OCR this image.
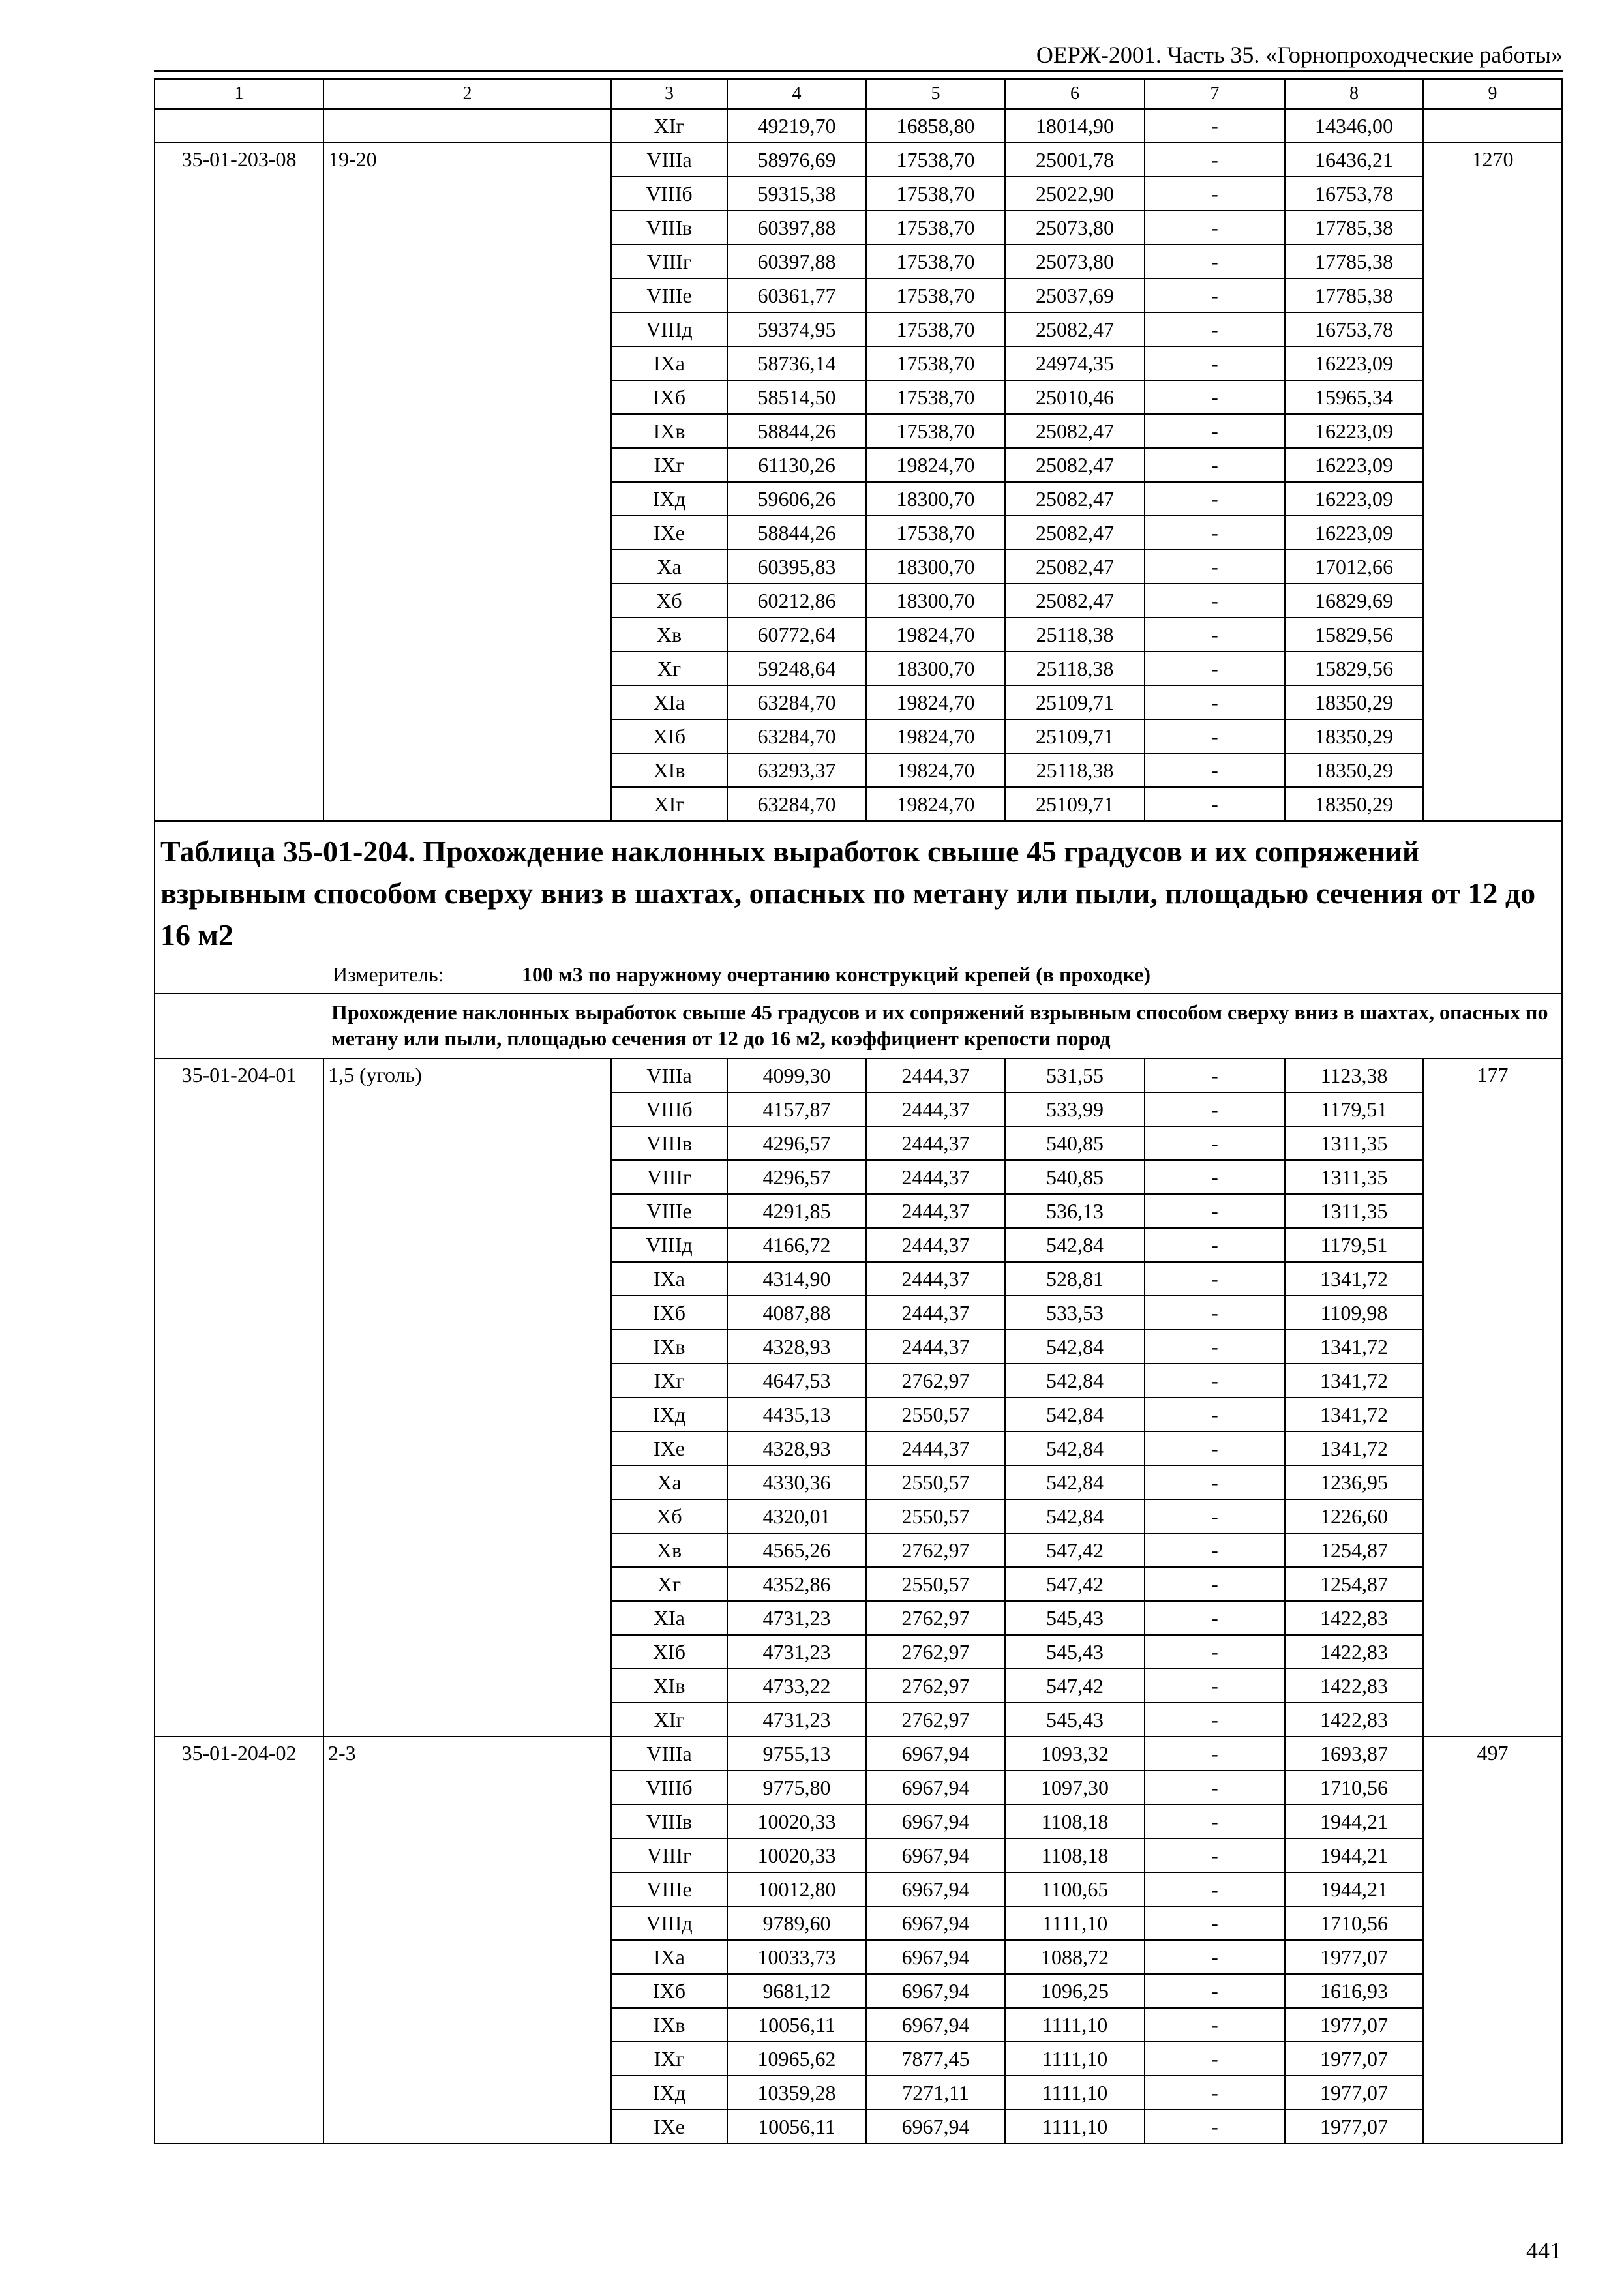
ОЕРЖ-2001. Часть 35. «Горнопроходческие работы»
1	2	3	4	5	6	7	8	9
		XIг	49219,70	16858,80	18014,90	-	14346,00	
35-01-203-08	19-20	VIIIа	58976,69	17538,70	25001,78	-	16436,21	1270
		VIIIб	59315,38	17538,70	25022,90	-	16753,78	
		VIIIв	60397,88	17538,70	25073,80	-	17785,38	
		VIIIг	60397,88	17538,70	25073,80	-	17785,38	
		VIIIе	60361,77	17538,70	25037,69	-	17785,38	
		VIIIд	59374,95	17538,70	25082,47	-	16753,78	
		IXа	58736,14	17538,70	24974,35	-	16223,09	
		IXб	58514,50	17538,70	25010,46	-	15965,34	
		IXв	58844,26	17538,70	25082,47	-	16223,09	
		IXг	61130,26	19824,70	25082,47	-	16223,09	
		IXд	59606,26	18300,70	25082,47	-	16223,09	
		IXе	58844,26	17538,70	25082,47	-	16223,09	
		Xа	60395,83	18300,70	25082,47	-	17012,66	
		Xб	60212,86	18300,70	25082,47	-	16829,69	
		Xв	60772,64	19824,70	25118,38	-	15829,56	
		Xг	59248,64	18300,70	25118,38	-	15829,56	
		XIа	63284,70	19824,70	25109,71	-	18350,29	
		XIб	63284,70	19824,70	25109,71	-	18350,29	
		XIв	63293,37	19824,70	25118,38	-	18350,29	
		XIг	63284,70	19824,70	25109,71	-	18350,29	

Таблица 35-01-204. Прохождение наклонных выработок свыше 45 градусов и их сопряжений взрывным способом сверху вниз в шахтах, опасных по метану или пыли, площадью сечения от 12 до 16 м2
Измеритель: 100 м3 по наружному очертанию конструкций крепей (в проходке)								

Прохождение наклонных выработок свыше 45 градусов и их сопряжений взрывным способом сверху вниз в шахтах, опасных по метану или пыли, площадью сечения от 12 до 16 м2, коэффициент крепости пород								
35-01-204-01	1,5 (уголь)	VIIIа	4099,30	2444,37	531,55	-	1123,38	177
		VIIIб	4157,87	2444,37	533,99	-	1179,51	
		VIIIв	4296,57	2444,37	540,85	-	1311,35	
		VIIIг	4296,57	2444,37	540,85	-	1311,35	
		VIIIе	4291,85	2444,37	536,13	-	1311,35	
		VIIIд	4166,72	2444,37	542,84	-	1179,51	
		IXа	4314,90	2444,37	528,81	-	1341,72	
		IXб	4087,88	2444,37	533,53	-	1109,98	
		IXв	4328,93	2444,37	542,84	-	1341,72	
		IXг	4647,53	2762,97	542,84	-	1341,72	
		IXд	4435,13	2550,57	542,84	-	1341,72	
		IXе	4328,93	2444,37	542,84	-	1341,72	
		Xа	4330,36	2550,57	542,84	-	1236,95	
		Xб	4320,01	2550,57	542,84	-	1226,60	
		Xв	4565,26	2762,97	547,42	-	1254,87	
		Xг	4352,86	2550,57	547,42	-	1254,87	
		XIа	4731,23	2762,97	545,43	-	1422,83	
		XIб	4731,23	2762,97	545,43	-	1422,83	
		XIв	4733,22	2762,97	547,42	-	1422,83	
		XIг	4731,23	2762,97	545,43	-	1422,83	
35-01-204-02	2-3	VIIIа	9755,13	6967,94	1093,32	-	1693,87	497
		VIIIб	9775,80	6967,94	1097,30	-	1710,56	
		VIIIв	10020,33	6967,94	1108,18	-	1944,21	
		VIIIг	10020,33	6967,94	1108,18	-	1944,21	
		VIIIе	10012,80	6967,94	1100,65	-	1944,21	
		VIIIд	9789,60	6967,94	1111,10	-	1710,56	
		IXа	10033,73	6967,94	1088,72	-	1977,07	
		IXб	9681,12	6967,94	1096,25	-	1616,93	
		IXв	10056,11	6967,94	1111,10	-	1977,07	
		IXг	10965,62	7877,45	1111,10	-	1977,07	
		IXд	10359,28	7271,11	1111,10	-	1977,07	
		IXе	10056,11	6967,94	1111,10	-	1977,07	
441
